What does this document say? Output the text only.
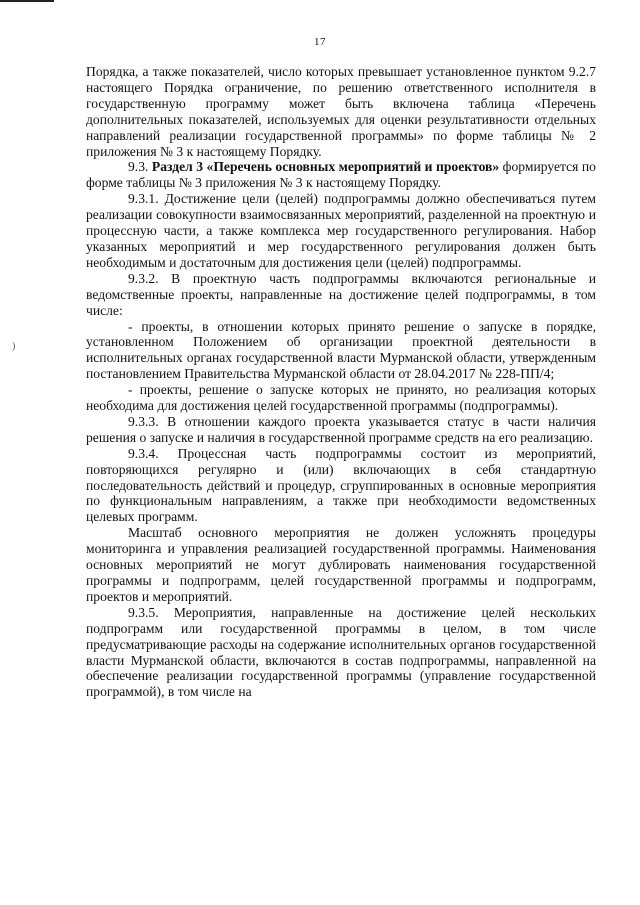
17
)

Порядка, а также показателей, число которых превышает установленное пунктом 9.2.7 настоящего Порядка ограничение, по решению ответственного исполнителя в государственную программу может быть включена таблица «Перечень дополнительных показателей, используемых для оценки результативности отдельных направлений реализации государственной программы» по форме таблицы № 2 приложения № 3 к настоящему Порядку.

9.3. Раздел 3 «Перечень основных мероприятий и проектов» формируется по форме таблицы № 3 приложения № 3 к настоящему Порядку.

9.3.1. Достижение цели (целей) подпрограммы должно обеспечиваться путем реализации совокупности взаимосвязанных мероприятий, разделенной на проектную и процессную части, а также комплекса мер государственного регулирования. Набор указанных мероприятий и мер государственного регулирования должен быть необходимым и достаточным для достижения цели (целей) подпрограммы.

9.3.2. В проектную часть подпрограммы включаются региональные и ведомственные проекты, направленные на достижение целей подпрограммы, в том числе:

- проекты, в отношении которых принято решение о запуске в порядке, установленном Положением об организации проектной деятельности в исполнительных органах государственной власти Мурманской области, утвержденным постановлением Правительства Мурманской области от 28.04.2017 № 228-ПП/4;

- проекты, решение о запуске которых не принято, но реализация которых необходима для достижения целей государственной программы (подпрограммы).

9.3.3. В отношении каждого проекта указывается статус в части наличия решения о запуске и наличия в государственной программе средств на его реализацию.

9.3.4. Процессная часть подпрограммы состоит из мероприятий, повторяющихся регулярно и (или) включающих в себя стандартную последовательность действий и процедур, сгруппированных в основные мероприятия по функциональным направлениям, а также при необходимости ведомственных целевых программ.

Масштаб основного мероприятия не должен усложнять процедуры мониторинга и управления реализацией государственной программы. Наименования основных мероприятий не могут дублировать наименования государственной программы и подпрограмм, целей государственной программы и подпрограмм, проектов и мероприятий.

9.3.5. Мероприятия, направленные на достижение целей нескольких подпрограмм или государственной программы в целом, в том числе предусматривающие расходы на содержание исполнительных органов государственной власти Мурманской области, включаются в состав подпрограммы, направленной на обеспечение реализации государственной программы (управление государственной программой), в том числе на
